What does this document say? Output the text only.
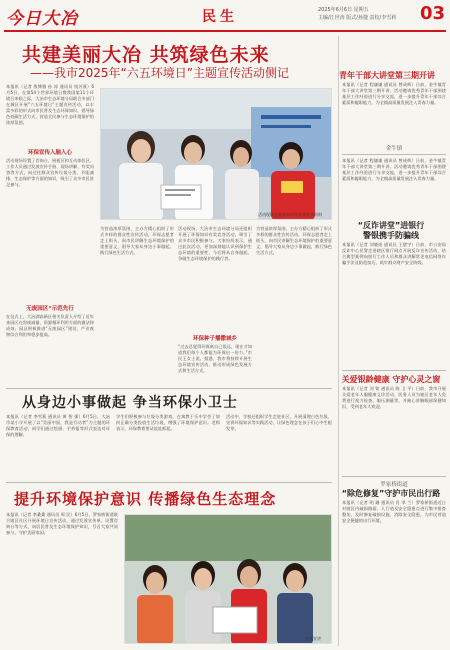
今日大冶	民生	2025年6月6日 星期五
主编/江世涛 版式/孙捷 责校/李雪莉 03
共建美丽大冶 共筑绿色未来
——我市2025年“六五环境日”主题宣传活动侧记
本报讯（记者 殷博雅 孙 涛 通讯员 钱芳燕）6月5日，在第54个世界环境日暨我国第11个环境日来临之际，大冶市生态环境分局联合多部门在城区开展“六五环境日”主题宣传活动，以丰富多彩的形式向市民普及生态环保知识，倡导绿色低碳生活方式，营造全民参与生态环境保护的浓厚氛围。
环保宣传入脑入心
活动现场设置了咨询台、展板区和互动体验区。工作人员通过发放宣传手册、现场讲解、有奖问答等方式，向过往群众宣传垃圾分类、节能减排、生态保护等方面的知识，吸引了众多市民驻足参与。
无废园区“示范先行
在仪式上，大冶湖高新区相关负责人介绍了近年来园区在固废减量、资源循环利用方面的做法和成效。园区积极推进“无废园区”建设，产业废物综合利用率稳步提高。
活动现场志愿者向市民发放宣传资料
为营造浓厚氛围，主办方精心组织了形式多样的群众性宣传活动，环保志愿者走上街头，向市民讲解生态环境保护的重要意义，倡导大家从身边小事做起，践行绿色生活方式。
活动现场，大冶市生态环境分局还组织开展了环保知识有奖竞答活动，吸引了众多市民积极参与。大家纷纷表示，通过此次活动，更加深刻地认识到保护生态环境的重要性，今后将从自身做起，争做生态环境保护的践行者。
环保种子播撒城乡
“过去总觉得环保离自己很远，现在才知道我们每个人都能为环保出一份力。”市民王女士说。据悉，我市将持续开展生态环境宣传活动，推动形成绿色发展方式和生活方式。
为营造浓厚氛围，主办方精心组织了形式多样的群众性宣传活动，环保志愿者走上街头，向市民讲解生态环境保护的重要意义，倡导大家从身边小事做起，践行绿色生活方式。
从身边小事做起 争当环保小卫士
本报讯（记者 李雪莉 通讯员 黄 智 强）6月5日，大冶市某小学开展了以“美丽中国，我是行动者”为主题的环保教育活动，同学们通过绘画、手抄报等形式表达对环保的理解。
学生们积极参与垃圾分类游戏，在寓教于乐中学会了如何正确分类投放生活垃圾，增强了环境保护意识。老师表示，环保教育要从娃娃抓起。
活动中，学校还组织学生走进社区，开展清理白色垃圾、宣讲环保知识等实践活动，让绿色理念在孩子们心中生根发芽。
提升环境保护意识 传播绿色生态理念
本报讯（记者 李桑桑 通讯员 周 民）6月5日，罗家桥街道联合辖区社区开展环境日宣传活动，通过发放宣传单、设置咨询台等方式，向居民普及生态环境保护知识，号召大家共同参与，守护美丽家园。
主题宣讲
青年干部大讲堂第三期开讲
本报讯（记者 程谦谦 通讯员 曾成辉）日前，金牛镇青年干部大讲堂第三期开讲。活动邀请优秀青年干部围绕基层工作经验进行分享交流，进一步提升青年干部综合素质和履职能力，为全镇高质量发展注入青春力量。
金牛镇
本报讯（记者 程谦谦 通讯员 曾成辉）日前，金牛镇青年干部大讲堂第三期开讲。活动邀请优秀青年干部围绕基层工作经验进行分享交流，进一步提升青年干部综合素质和履职能力，为全镇高质量发展注入青春力量。
“反诈讲堂”进银行
警银携手防骗线
本报讯（记者 刘晓遥 通讯员 王璧宇）日前，市公安局反诈中心民警走进辖区银行网点开展反诈宣传活动，结合典型案例向银行工作人员和群众讲解常见电信网络诈骗手法及防范技巧，筑牢群众财产安全防线。
关爱银龄健康 守护心灵之窗
本报讯（记者 刘 铭 通讯员 陈 卫 平）日前，我市开展关爱老年人眼健康义诊活动，医务人员为辖区老年人免费进行视力检查、眼压测量等，并耐心讲解眼部保健知识，受到老年人欢迎。
罗家桥街道
“除危修复”守护市民出行路
本报讯（记者 明 珊 通讯员 肖 翠 兰）罗家桥街道近日对辖区内破损路面、人行道及安全隐患点进行集中排查整治，及时修复破损设施，消除安全隐患，为市民营造安全便捷的出行环境。
